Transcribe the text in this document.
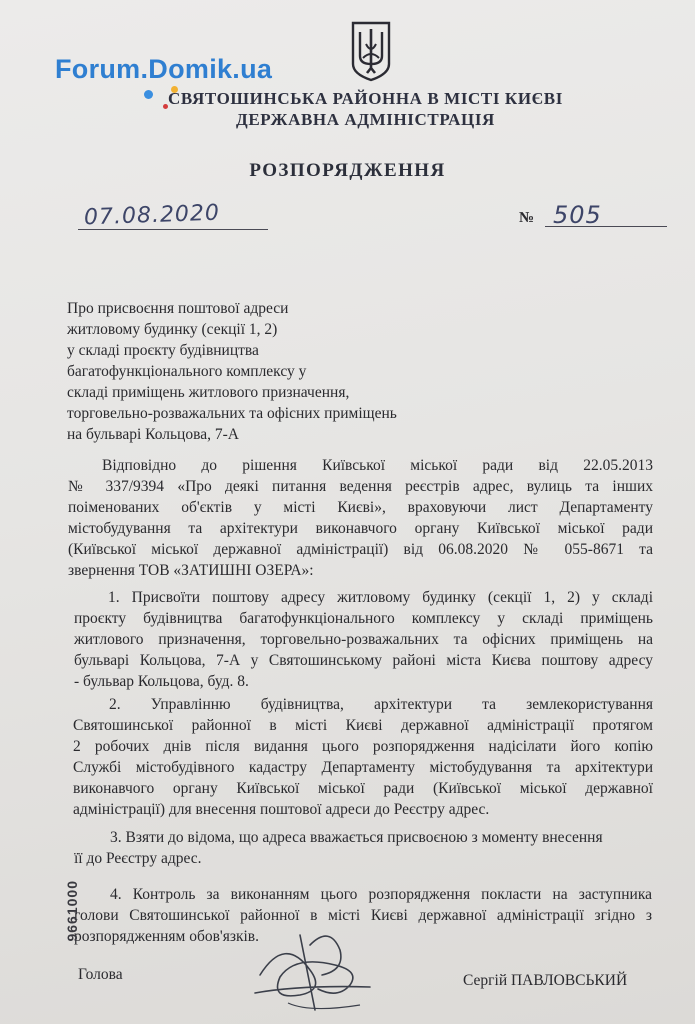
Forum.Domik.ua
СВЯТОШИНСЬКА РАЙОННА В МІСТІ КИЄВІ
ДЕРЖАВНА АДМІНІСТРАЦІЯ
РОЗПОРЯДЖЕННЯ
07.08.2020	№ 505
Про присвоєння поштової адреси
житловому будинку (секції 1, 2)
у складі проєкту будівництва
багатофункціонального комплексу у
складі приміщень житлового призначення,
торговельно-розважальних та офісних приміщень
на бульварі Кольцова, 7-А
Відповідно до рішення Київської міської ради від 22.05.2013
№ 337/9394 «Про деякі питання ведення реєстрів адрес, вулиць та інших
поіменованих об'єктів у місті Києві», враховуючи лист Департаменту
містобудування та архітектури виконавчого органу Київської міської ради
(Київської міської державної адміністрації) від 06.08.2020 № 055-8671 та
звернення ТОВ «ЗАТИШНІ ОЗЕРА»:
1. Присвоїти поштову адресу житловому будинку (секції 1, 2) у складі
проєкту будівництва багатофункціонального комплексу у складі приміщень
житлового призначення, торговельно-розважальних та офісних приміщень на
бульварі Кольцова, 7-А у Святошинському районі міста Києва поштову адресу
- бульвар Кольцова, буд. 8.
2. Управлінню будівництва, архітектури та землекористування
Святошинської районної в місті Києві державної адміністрації протягом
2 робочих днів після видання цього розпорядження надісілати його копію
Службі містобудівного кадастру Департаменту містобудування та архітектури
виконавчого органу Київської міської ради (Київської міської державної
адміністрації) для внесення поштової адреси до Реєстру адрес.
3. Взяти до відома, що адреса вважається присвоєною з моменту внесення
її до Реєстру адрес.
4. Контроль за виконанням цього розпорядження покласти на заступника
голови Святошинської районної в місті Києві державної адміністрації згідно з
розпорядженням обов'язків.
9661000
Голова	Сергій ПАВЛОВСЬКИЙ
